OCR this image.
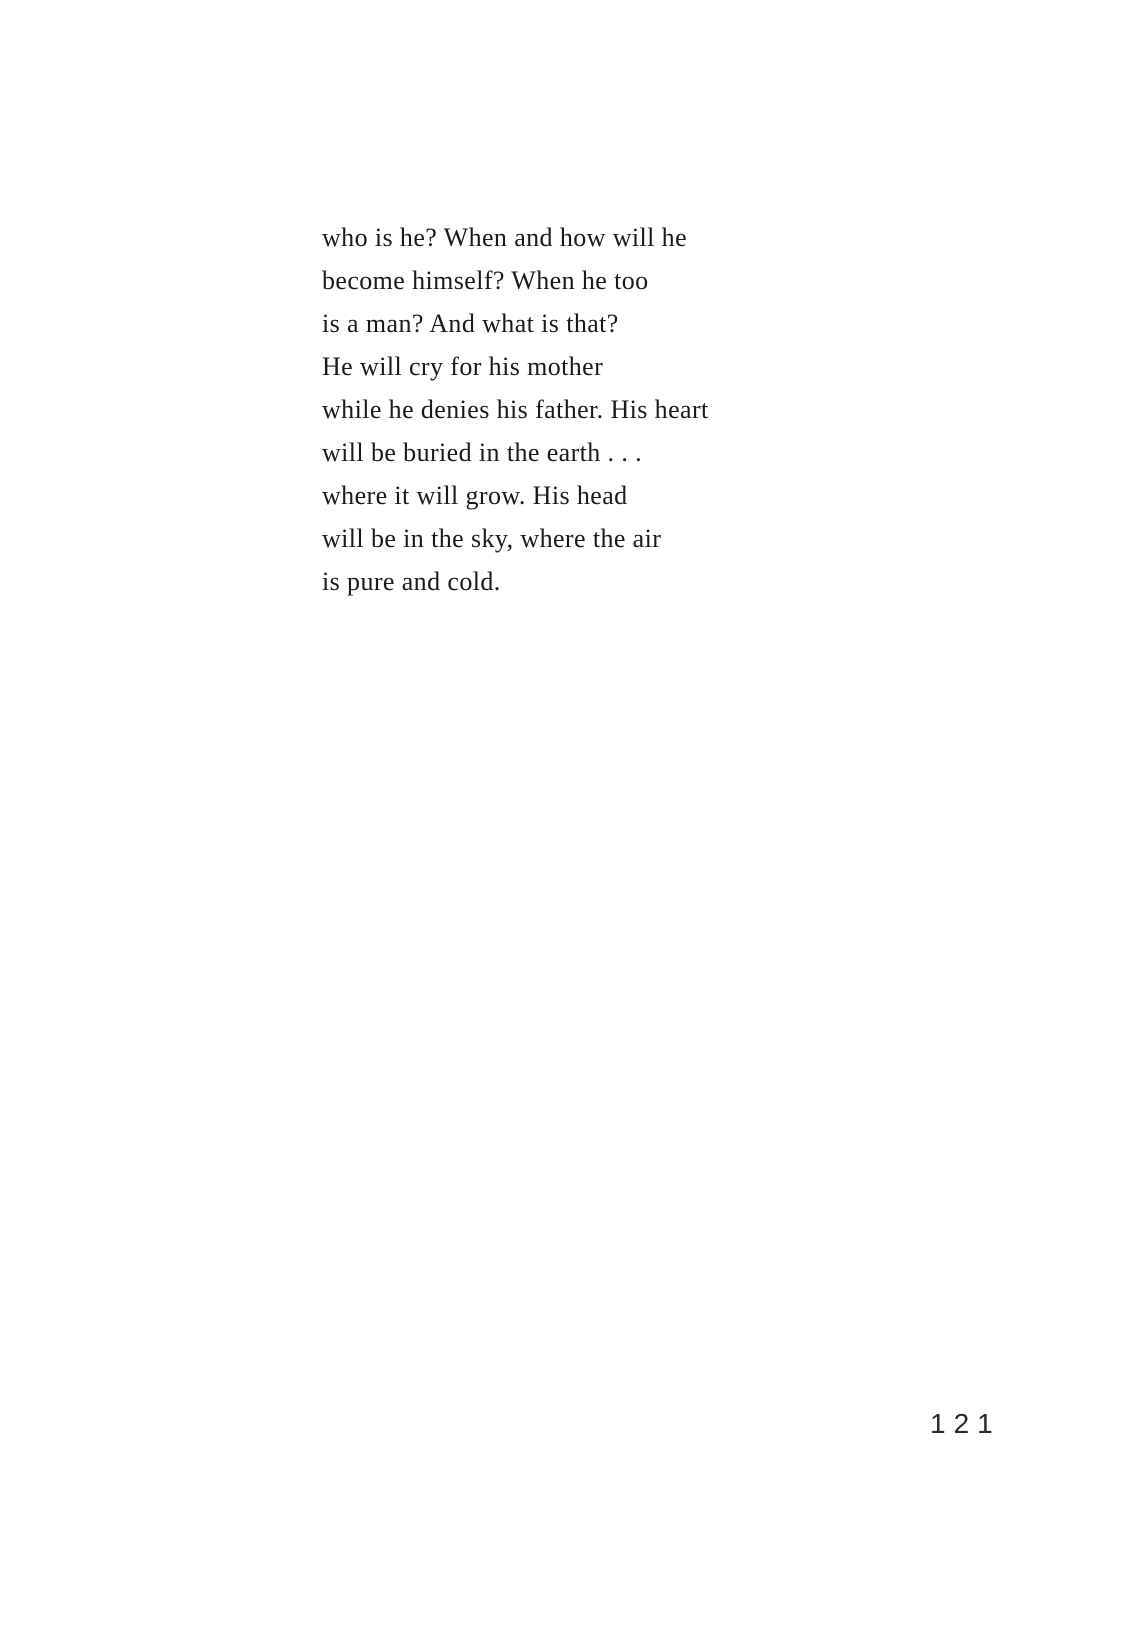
who is he? When and how will he
become himself? When he too
is a man? And what is that?
He will cry for his mother
while he denies his father. His heart
will be buried in the earth . . .
where it will grow. His head
will be in the sky, where the air
is pure and cold.
121
